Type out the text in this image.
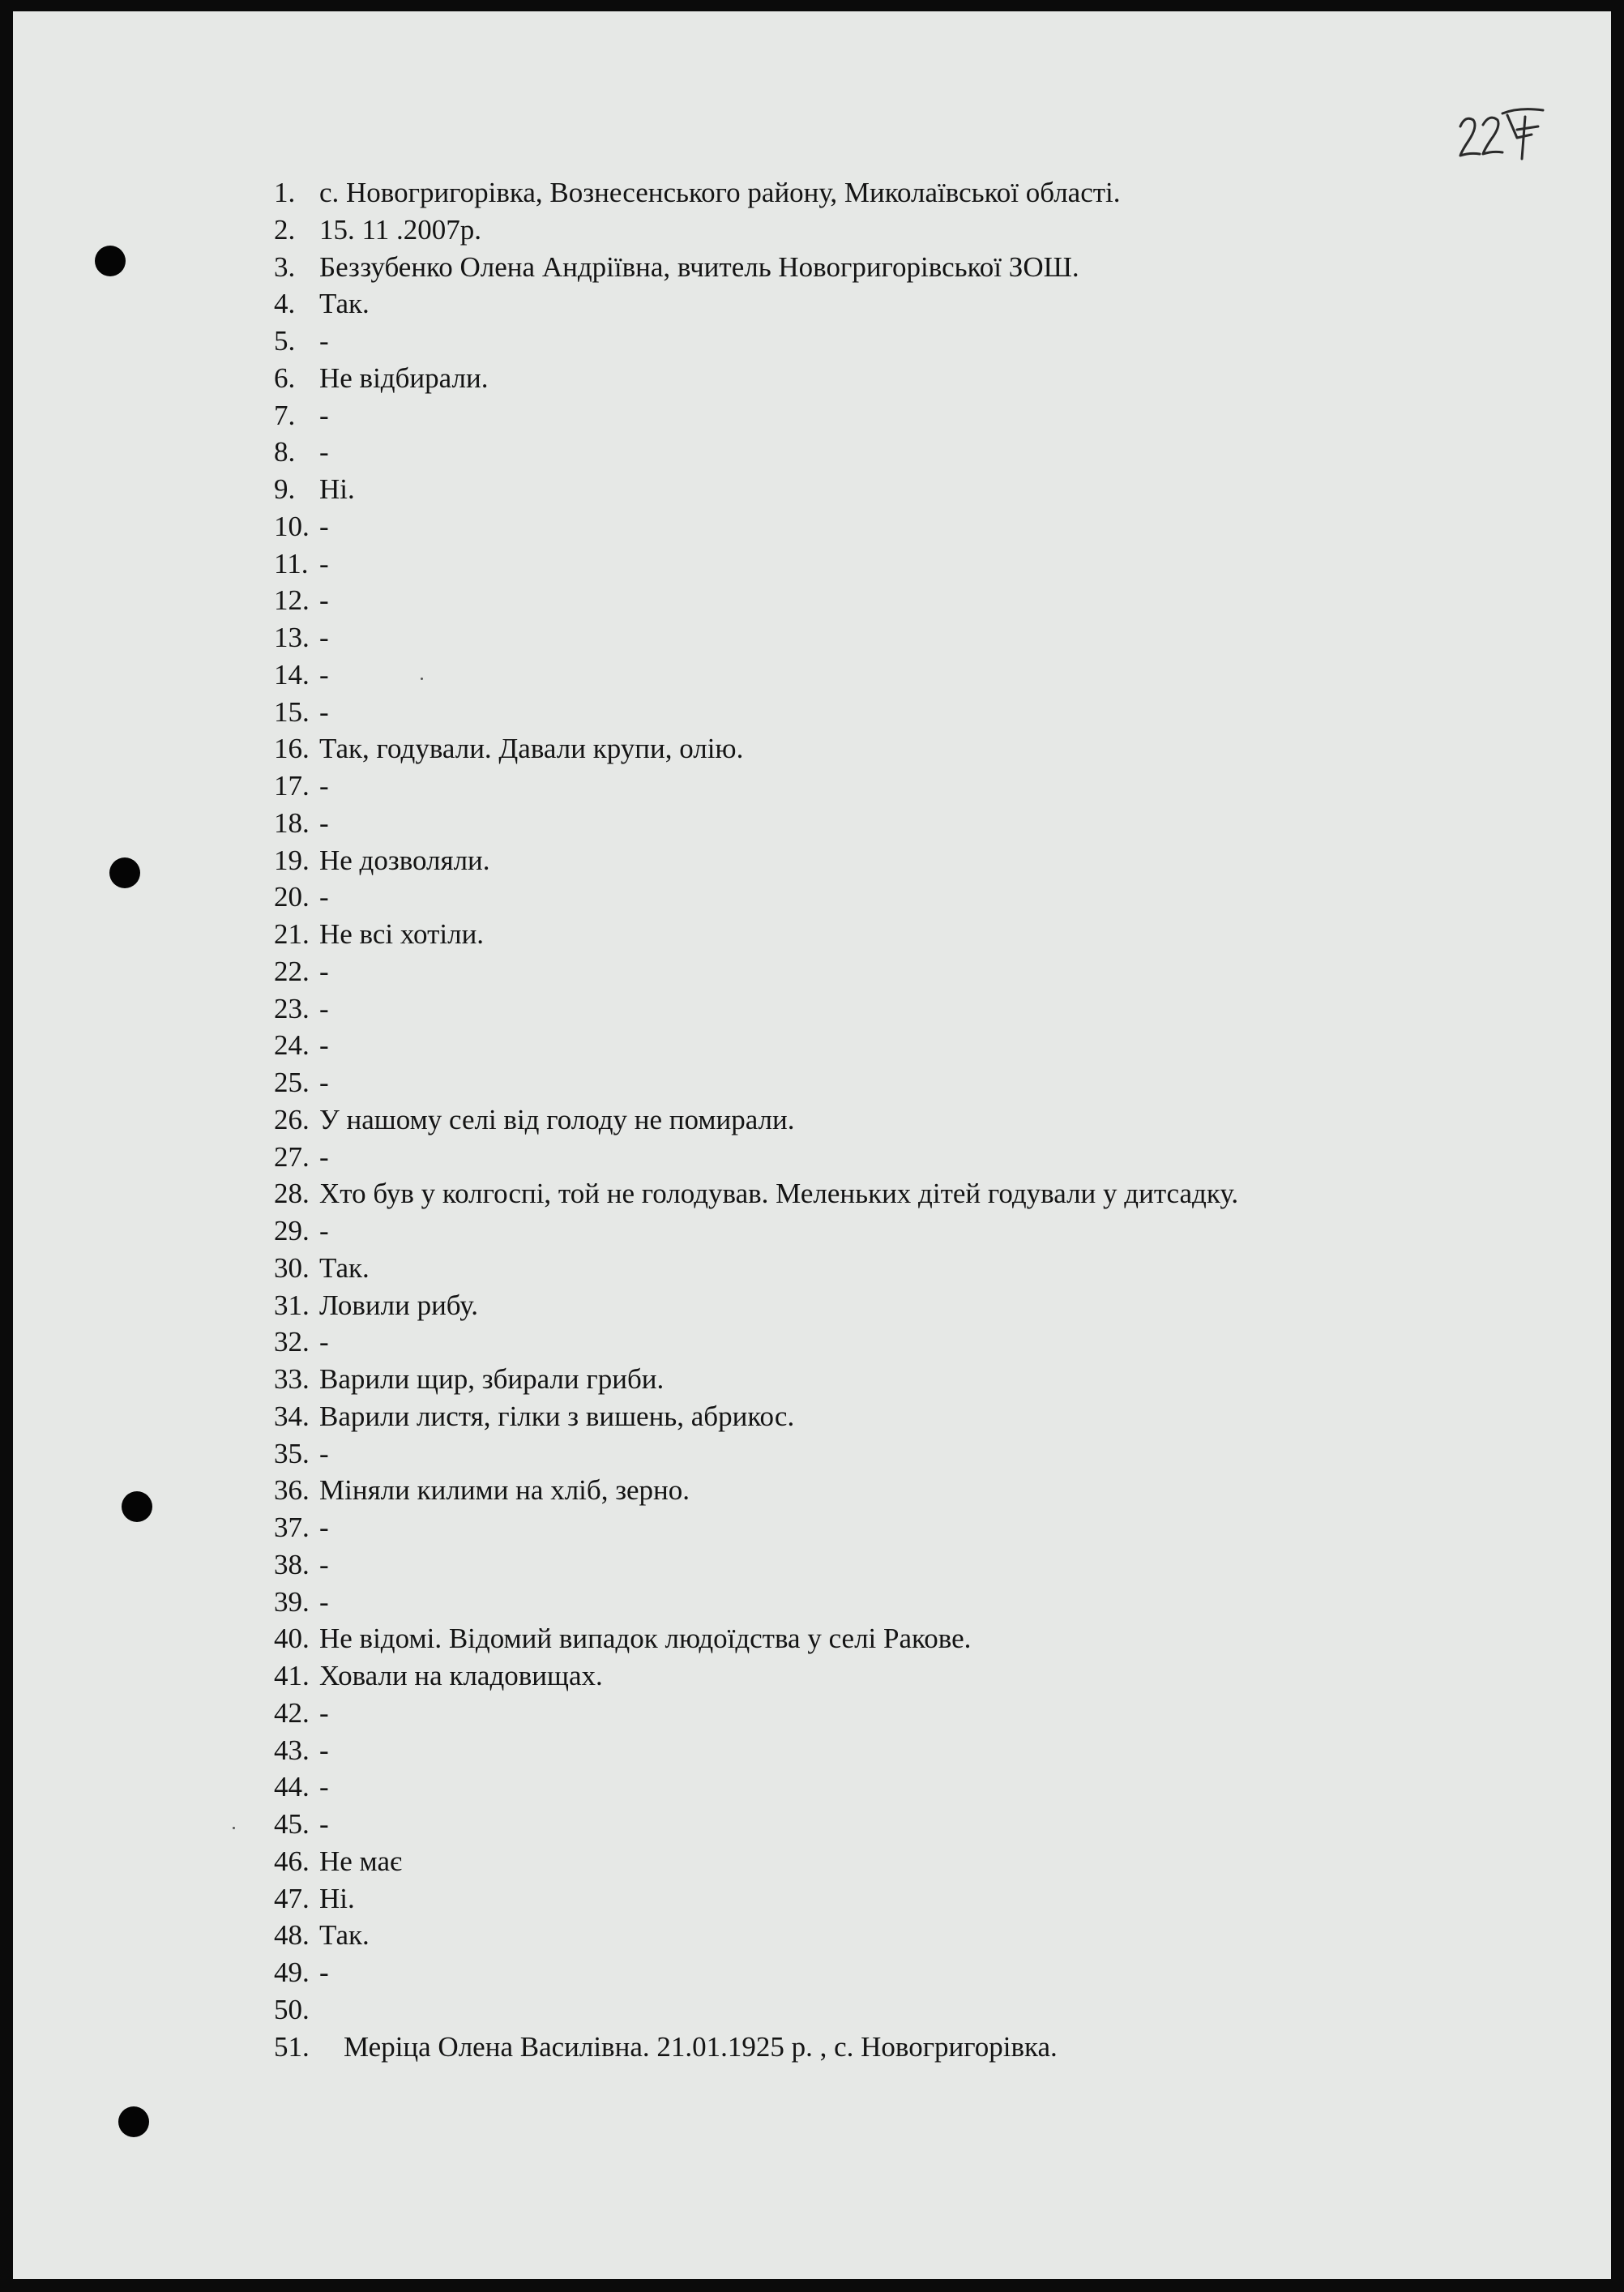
1. с. Новогригорівка, Вознесенського району, Миколаївської області.
2. 15. 11 .2007р.
3. Беззубенко Олена Андріївна, вчитель Новогригорівської ЗОШ.
4. Так.
5. -
6. Не відбирали.
7. -
8. -
9. Ні.
10. -
11. -
12. -
13. -
14. -
15. -
16. Так, годували. Давали крупи, олію.
17. -
18. -
19. Не дозволяли.
20. -
21. Не всі хотіли.
22. -
23. -
24. -
25. -
26. У нашому селі від голоду не помирали.
27. -
28. Хто був у колгоспі, той не голодував. Меленьких дітей годували у дитсадку.
29. -
30. Так.
31. Ловили рибу.
32. -
33. Варили щир, збирали гриби.
34. Варили листя, гілки з вишень, абрикос.
35. -
36. Міняли килими на хліб, зерно.
37. -
38. -
39. -
40. Не відомі. Відомий випадок людоїдства у селі Ракове.
41. Ховали на кладовищах.
42. -
43. -
44. -
45. -
46. Не має
47. Ні.
48. Так.
49. -
50.
51.	Меріца Олена Василівна. 21.01.1925 р. , с. Новогригорівка.
